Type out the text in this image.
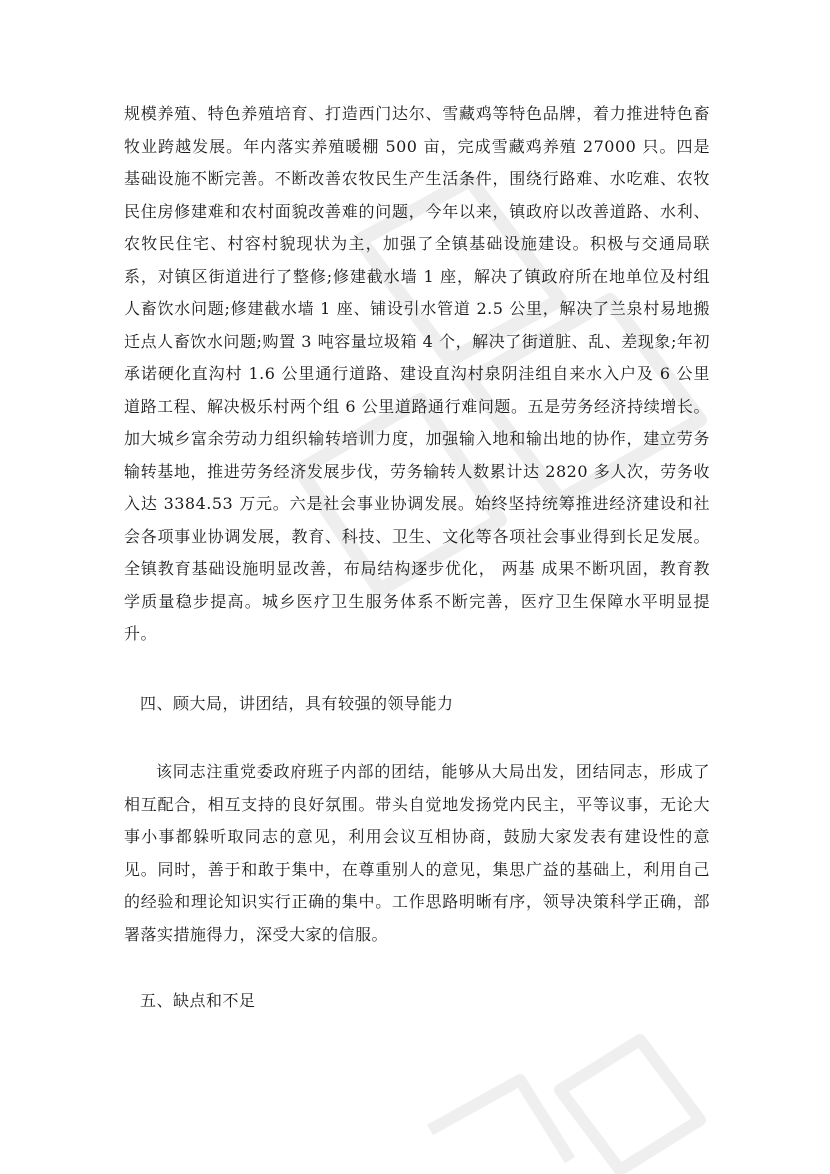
规模养殖、特色养殖培育、打造西门达尔、雪藏鸡等特色品牌，着力推进特色畜牧业跨越发展。年内落实养殖暖棚 500 亩，完成雪藏鸡养殖 27000 只。四是基础设施不断完善。不断改善农牧民生产生活条件，围绕行路难、水吃难、农牧民住房修建难和农村面貌改善难的问题，今年以来，镇政府以改善道路、水利、农牧民住宅、村容村貌现状为主，加强了全镇基础设施建设。积极与交通局联系，对镇区街道进行了整修;修建截水墙 1 座，解决了镇政府所在地单位及村组人畜饮水问题;修建截水墙 1 座、铺设引水管道 2.5 公里，解决了兰泉村易地搬迁点人畜饮水问题;购置 3 吨容量垃圾箱 4 个，解决了街道脏、乱、差现象;年初承诺硬化直沟村 1.6 公里通行道路、建设直沟村泉阴洼组自来水入户及 6 公里道路工程、解决极乐村两个组 6 公里道路通行难问题。五是劳务经济持续增长。加大城乡富余劳动力组织输转培训力度，加强输入地和输出地的协作，建立劳务输转基地，推进劳务经济发展步伐，劳务输转人数累计达 2820 多人次，劳务收入达 3384.53 万元。六是社会事业协调发展。始终坚持统筹推进经济建设和社会各项事业协调发展，教育、科技、卫生、文化等各项社会事业得到长足发展。全镇教育基础设施明显改善，布局结构逐步优化， 两基 成果不断巩固，教育教学质量稳步提高。城乡医疗卫生服务体系不断完善，医疗卫生保障水平明显提升。

四、顾大局，讲团结，具有较强的领导能力

该同志注重党委政府班子内部的团结，能够从大局出发，团结同志，形成了相互配合，相互支持的良好氛围。带头自觉地发扬党内民主，平等议事，无论大事小事都躲听取同志的意见，利用会议互相协商，鼓励大家发表有建设性的意见。同时，善于和敢于集中，在尊重别人的意见，集思广益的基础上，利用自己的经验和理论知识实行正确的集中。工作思路明晰有序，领导决策科学正确，部署落实措施得力，深受大家的信服。

五、缺点和不足
